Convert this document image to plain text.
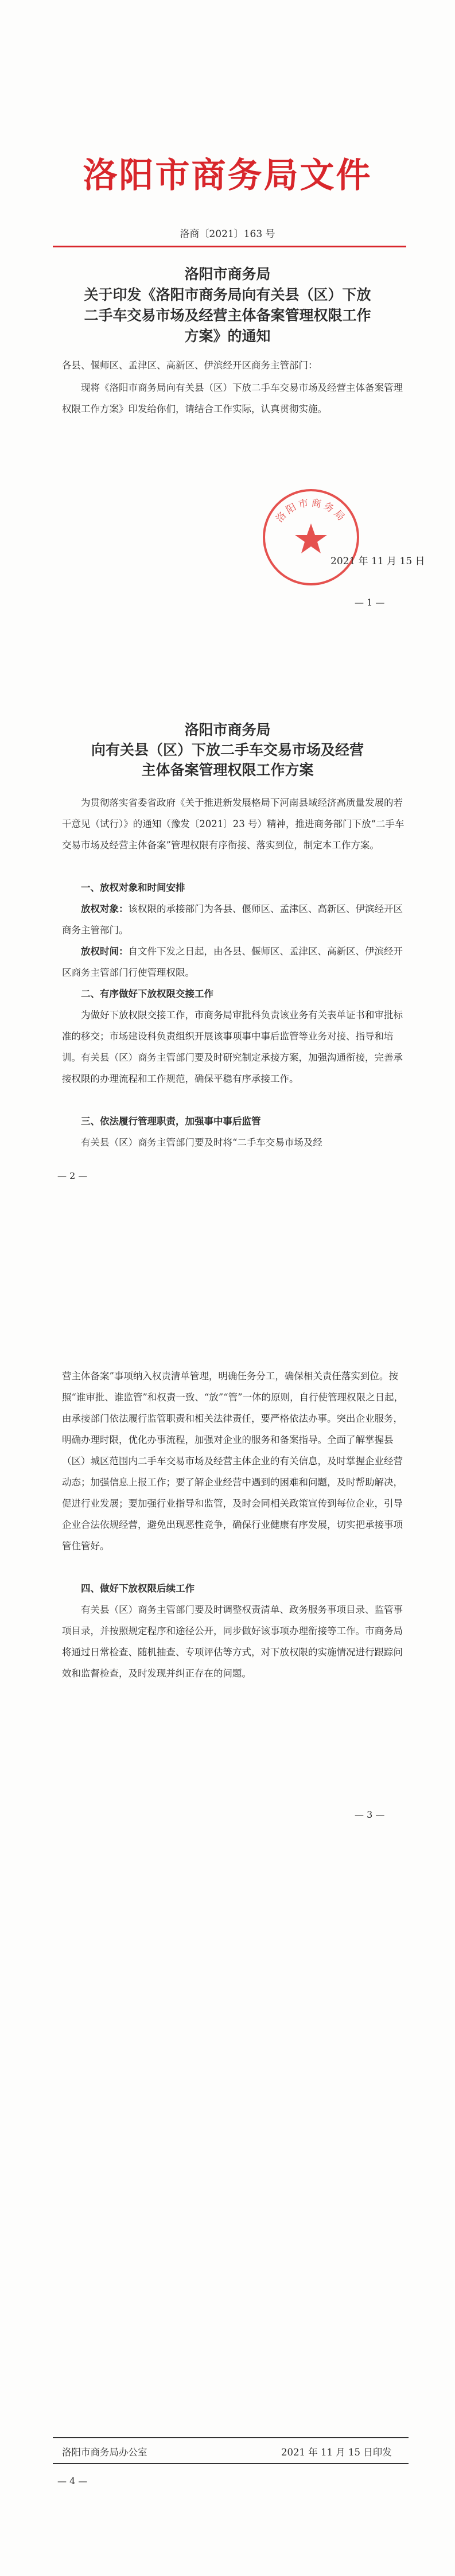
洛阳市商务局文件
洛商〔2021〕163 号
洛阳市商务局
关于印发《洛阳市商务局向有关县（区）下放
二手车交易市场及经营主体备案管理权限工作
方案》的通知
各县、偃师区、孟津区、高新区、伊滨经开区商务主管部门：
现将《洛阳市商务局向有关县（区）下放二手车交易市场及经营主体备案管理权限工作方案》印发给你们，请结合工作实际，认真贯彻实施。
洛阳市商务局
2021 年 11 月 15 日
— 1 —
洛阳市商务局
向有关县（区）下放二手车交易市场及经营
主体备案管理权限工作方案
为贯彻落实省委省政府《关于推进新发展格局下河南县域经济高质量发展的若干意见（试行）》的通知（豫发〔2021〕23 号）精神，推进商务部门下放“二手车交易市场及经营主体备案”管理权限有序衔接、落实到位，制定本工作方案。
一、放权对象和时间安排
放权对象：该权限的承接部门为各县、偃师区、孟津区、高新区、伊滨经开区商务主管部门。
放权时间：自文件下发之日起，由各县、偃师区、孟津区、高新区、伊滨经开区商务主管部门行使管理权限。
二、有序做好下放权限交接工作
为做好下放权限交接工作，市商务局审批科负责该业务有关表单证书和审批标准的移交；市场建设科负责组织开展该事项事中事后监管等业务对接、指导和培训。有关县（区）商务主管部门要及时研究制定承接方案，加强沟通衔接，完善承接权限的办理流程和工作规范，确保平稳有序承接工作。
三、依法履行管理职责，加强事中事后监管
有关县（区）商务主管部门要及时将“二手车交易市场及经
— 2 —
营主体备案”事项纳入权责清单管理，明确任务分工，确保相关责任落实到位。按照“谁审批、谁监管”和权责一致、“放”“管”一体的原则，自行使管理权限之日起，由承接部门依法履行监管职责和相关法律责任，要严格依法办事。突出企业服务，明确办理时限，优化办事流程，加强对企业的服务和备案指导。全面了解掌握县（区）城区范围内二手车交易市场及经营主体企业的有关信息，及时掌握企业经营动态；加强信息上报工作；要了解企业经营中遇到的困难和问题，及时帮助解决，促进行业发展；要加强行业指导和监管，及时会同相关政策宣传到每位企业，引导企业合法依规经营，避免出现恶性竞争，确保行业健康有序发展，切实把承接事项管住管好。
四、做好下放权限后续工作
有关县（区）商务主管部门要及时调整权责清单、政务服务事项目录、监管事项目录，并按照规定程序和途径公开，同步做好该事项办理衔接等工作。市商务局将通过日常检查、随机抽查、专项评估等方式，对下放权限的实施情况进行跟踪问效和监督检查，及时发现并纠正存在的问题。
— 3 —
洛阳市商务局办公室	2021 年 11 月 15 日印发
— 4 —
